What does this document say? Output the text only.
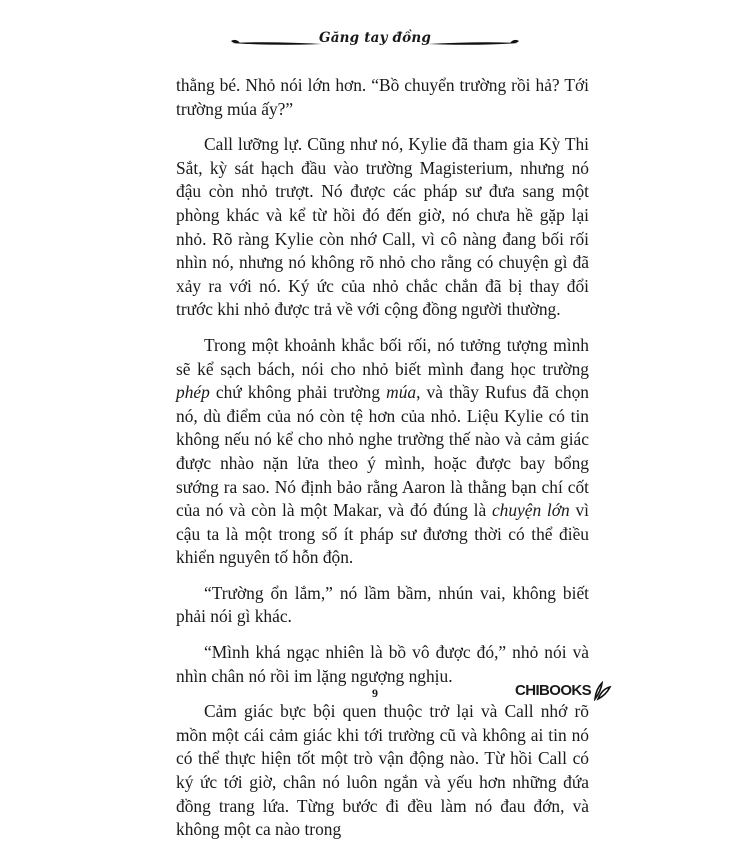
Găng tay đồng

thằng bé. Nhỏ nói lớn hơn. “Bồ chuyển trường rồi hả? Tới trường múa ấy?”

Call lưỡng lự. Cũng như nó, Kylie đã tham gia Kỳ Thi Sắt, kỳ sát hạch đầu vào trường Magisterium, nhưng nó đậu còn nhỏ trượt. Nó được các pháp sư đưa sang một phòng khác và kể từ hồi đó đến giờ, nó chưa hề gặp lại nhỏ. Rõ ràng Kylie còn nhớ Call, vì cô nàng đang bối rối nhìn nó, nhưng nó không rõ nhỏ cho rằng có chuyện gì đã xảy ra với nó. Ký ức của nhỏ chắc chắn đã bị thay đổi trước khi nhỏ được trả về với cộng đồng người thường.

Trong một khoảnh khắc bối rối, nó tưởng tượng mình sẽ kể sạch bách, nói cho nhỏ biết mình đang học trường phép chứ không phải trường múa, và thầy Rufus đã chọn nó, dù điểm của nó còn tệ hơn của nhỏ. Liệu Kylie có tin không nếu nó kể cho nhỏ nghe trường thế nào và cảm giác được nhào nặn lửa theo ý mình, hoặc được bay bổng sướng ra sao. Nó định bảo rằng Aaron là thằng bạn chí cốt của nó và còn là một Makar, và đó đúng là chuyện lớn vì cậu ta là một trong số ít pháp sư đương thời có thể điều khiển nguyên tố hỗn độn.

“Trường ổn lắm,” nó lầm bầm, nhún vai, không biết phải nói gì khác.

“Mình khá ngạc nhiên là bồ vô được đó,” nhỏ nói và nhìn chân nó rồi im lặng ngượng nghịu.

Cảm giác bực bội quen thuộc trở lại và Call nhớ rõ mồn một cái cảm giác khi tới trường cũ và không ai tin nó có thể thực hiện tốt một trò vận động nào. Từ hồi Call có ký ức tới giờ, chân nó luôn ngắn và yếu hơn những đứa đồng trang lứa. Từng bước đi đều làm nó đau đớn, và không một ca nào trong

9	CHIBOOKS
